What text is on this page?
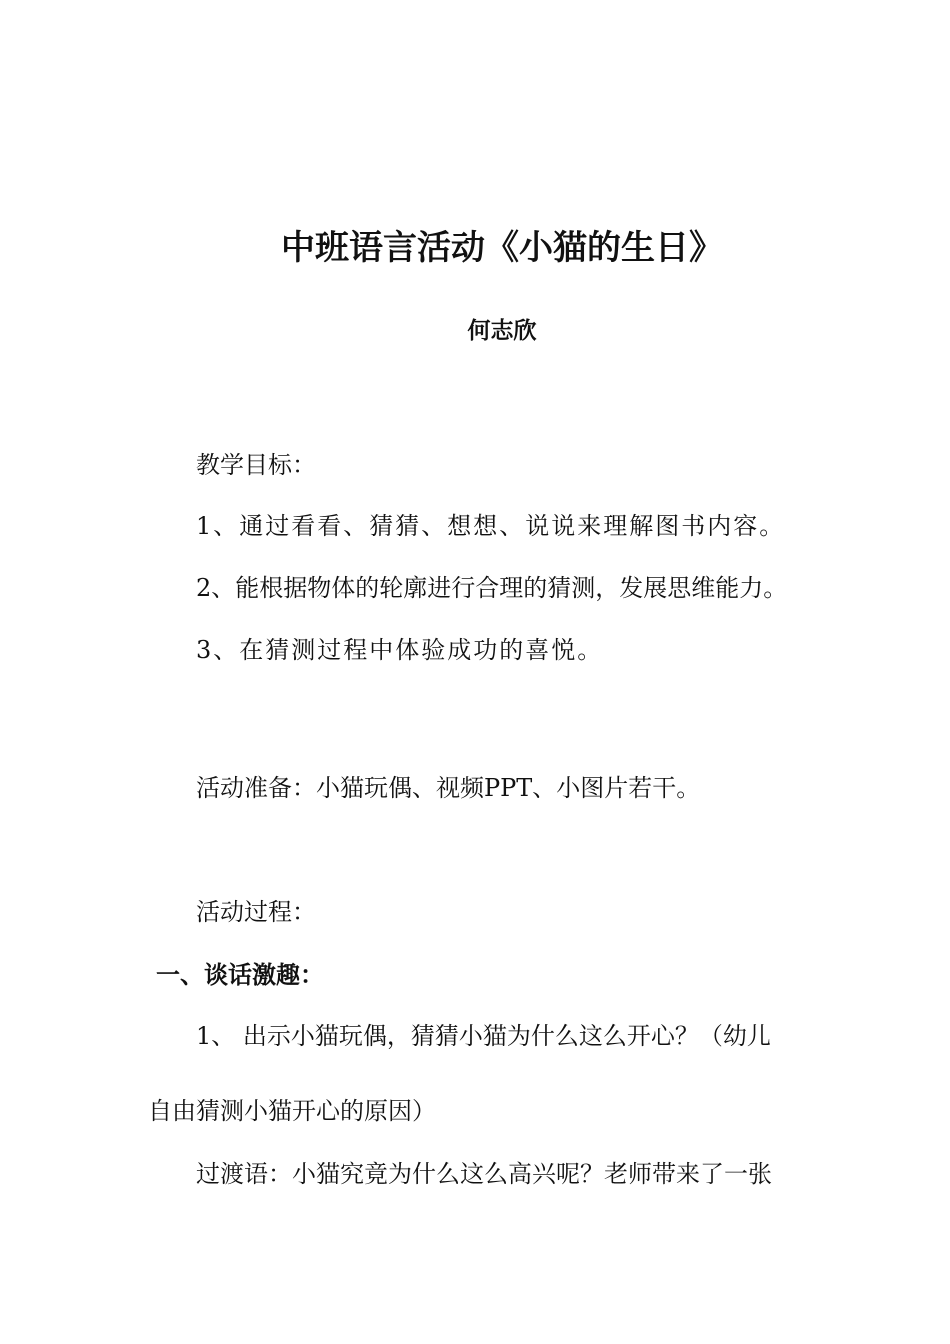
中班语言活动《小猫的生日》
何志欣
教学目标：
1、通过看看、猜猜、想想、说说来理解图书内容。
2、能根据物体的轮廓进行合理的猜测，发展思维能力。
3、在猜测过程中体验成功的喜悦。
活动准备：小猫玩偶、视频PPT、小图片若干。
活动过程：
一、谈话激趣：
1、 出示小猫玩偶，猜猜小猫为什么这么开心？（幼儿
自由猜测小猫开心的原因）
过渡语：小猫究竟为什么这么高兴呢？老师带来了一张
